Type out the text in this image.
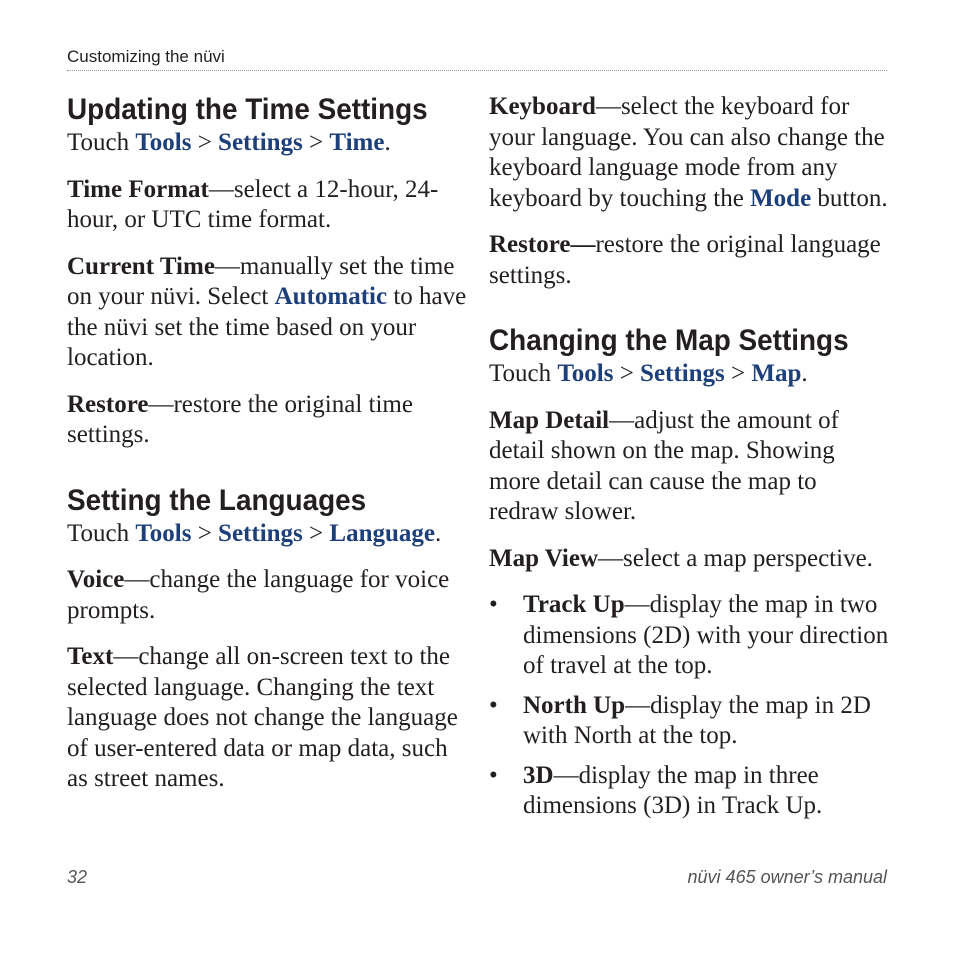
Customizing the nüvi
Updating the Time Settings

Touch Tools > Settings > Time.

Time Format—select a 12-hour, 24-hour, or UTC time format.

Current Time—manually set the time on your nüvi. Select Automatic to have the nüvi set the time based on your location.

Restore—restore the original time settings.

Setting the Languages

Touch Tools > Settings > Language.

Voice—change the language for voice prompts.

Text—change all on-screen text to the selected language. Changing the text language does not change the language of user-entered data or map data, such as street names.

Keyboard—select the keyboard for your language. You can also change the keyboard language mode from any keyboard by touching the Mode button.

Restore—restore the original language settings.

Changing the Map Settings

Touch Tools > Settings > Map.

Map Detail—adjust the amount of detail shown on the map. Showing more detail can cause the map to redraw slower.

Map View—select a map perspective.

• Track Up—display the map in two dimensions (2D) with your direction of travel at the top.
• North Up—display the map in 2D with North at the top.
• 3D—display the map in three dimensions (3D) in Track Up.
32	nüvi 465 owner’s manual
